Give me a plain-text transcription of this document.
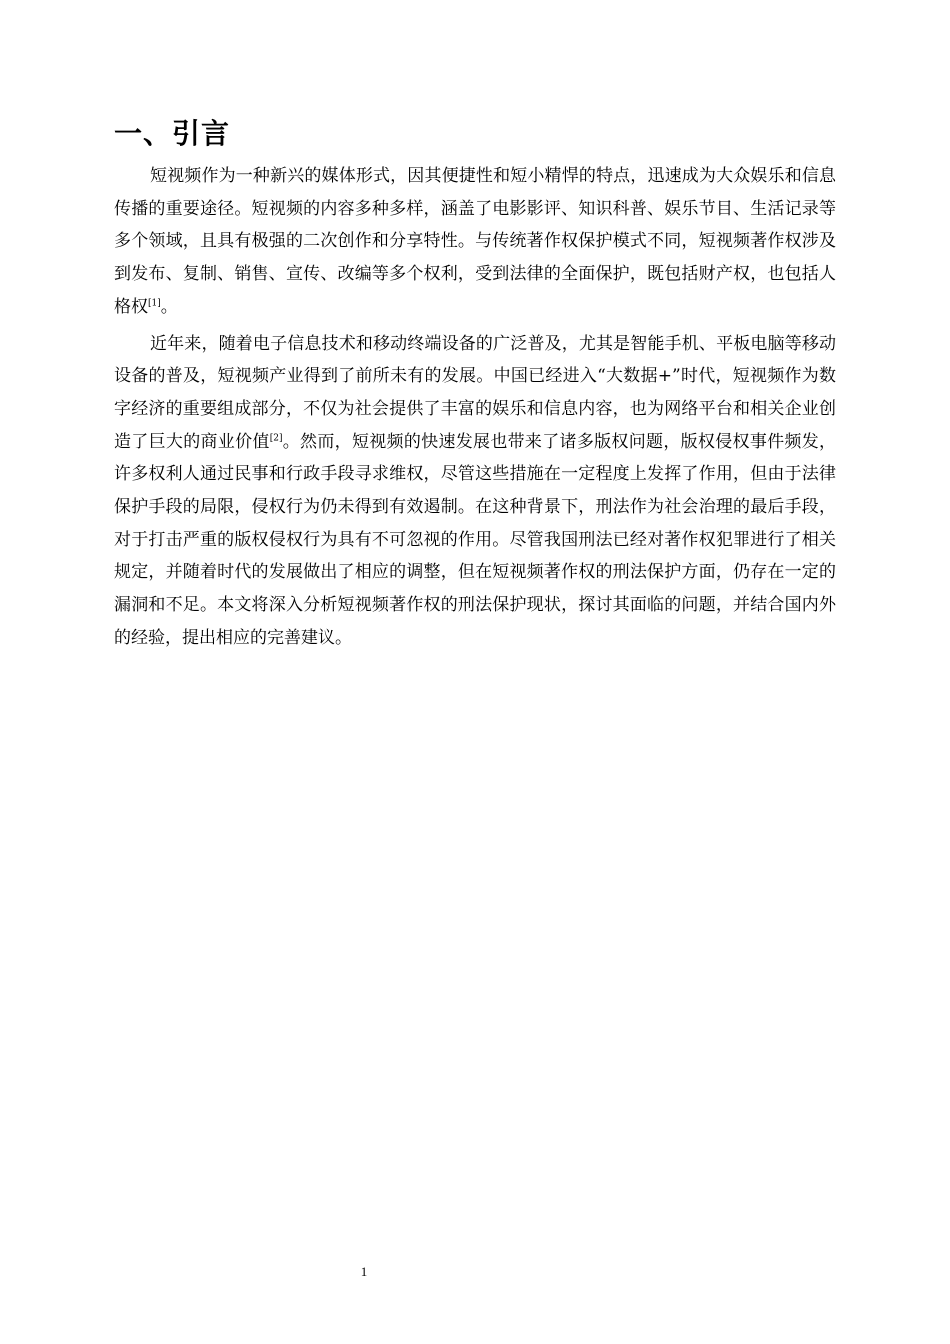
一、引言

短视频作为一种新兴的媒体形式，因其便捷性和短小精悍的特点，迅速成为大众娱乐和信息传播的重要途径。短视频的内容多种多样，涵盖了电影影评、知识科普、娱乐节目、生活记录等多个领域，且具有极强的二次创作和分享特性。与传统著作权保护模式不同，短视频著作权涉及到发布、复制、销售、宣传、改编等多个权利，受到法律的全面保护，既包括财产权，也包括人格权[1]。

近年来，随着电子信息技术和移动终端设备的广泛普及，尤其是智能手机、平板电脑等移动设备的普及，短视频产业得到了前所未有的发展。中国已经进入“大数据+”时代，短视频作为数字经济的重要组成部分，不仅为社会提供了丰富的娱乐和信息内容，也为网络平台和相关企业创造了巨大的商业价值[2]。然而，短视频的快速发展也带来了诸多版权问题，版权侵权事件频发，许多权利人通过民事和行政手段寻求维权，尽管这些措施在一定程度上发挥了作用，但由于法律保护手段的局限，侵权行为仍未得到有效遏制。在这种背景下，刑法作为社会治理的最后手段，对于打击严重的版权侵权行为具有不可忽视的作用。尽管我国刑法已经对著作权犯罪进行了相关规定，并随着时代的发展做出了相应的调整，但在短视频著作权的刑法保护方面，仍存在一定的漏洞和不足。本文将深入分析短视频著作权的刑法保护现状，探讨其面临的问题，并结合国内外的经验，提出相应的完善建议。

1
